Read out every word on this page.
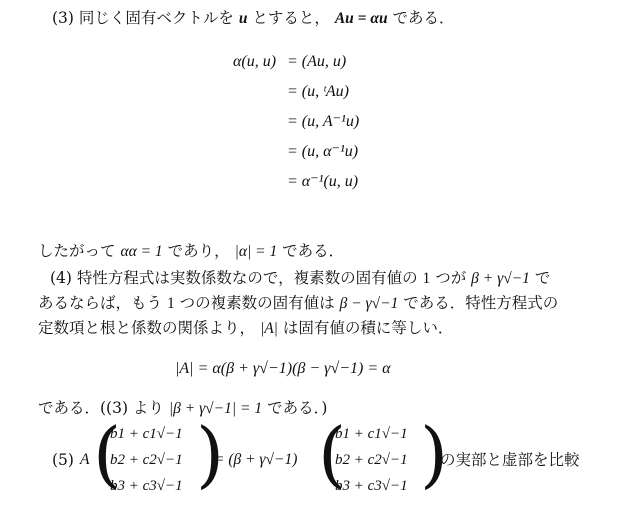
(3) 同じく固有ベクトルを u とすると， Au = αu である．
α(u, u) = (Au, u)
= (u, ᵗAu)
= (u, A⁻¹u)
= (u, α⁻¹u)
= α⁻¹(u, u)
したがって αα = 1 であり， |α| = 1 である．
(4) 特性方程式は実数係数なので，複素数の固有値の 1 つが β + γ√−1 で
あるならば，もう 1 つの複素数の固有値は β − γ√−1 である．特性方程式の
定数項と根と係数の関係より， |A| は固有値の積に等しい．
|A| = α(β + γ√−1)(β − γ√−1) = α
である．((3) より |β + γ√−1| = 1 である．)
(5) A (
b1 + c1√−1
b2 + c2√−1
b3 + c3√−1 )
= (β + γ√−1) (
b1 + c1√−1
b2 + c2√−1
b3 + c3√−1 )
の実部と虚部を比較
